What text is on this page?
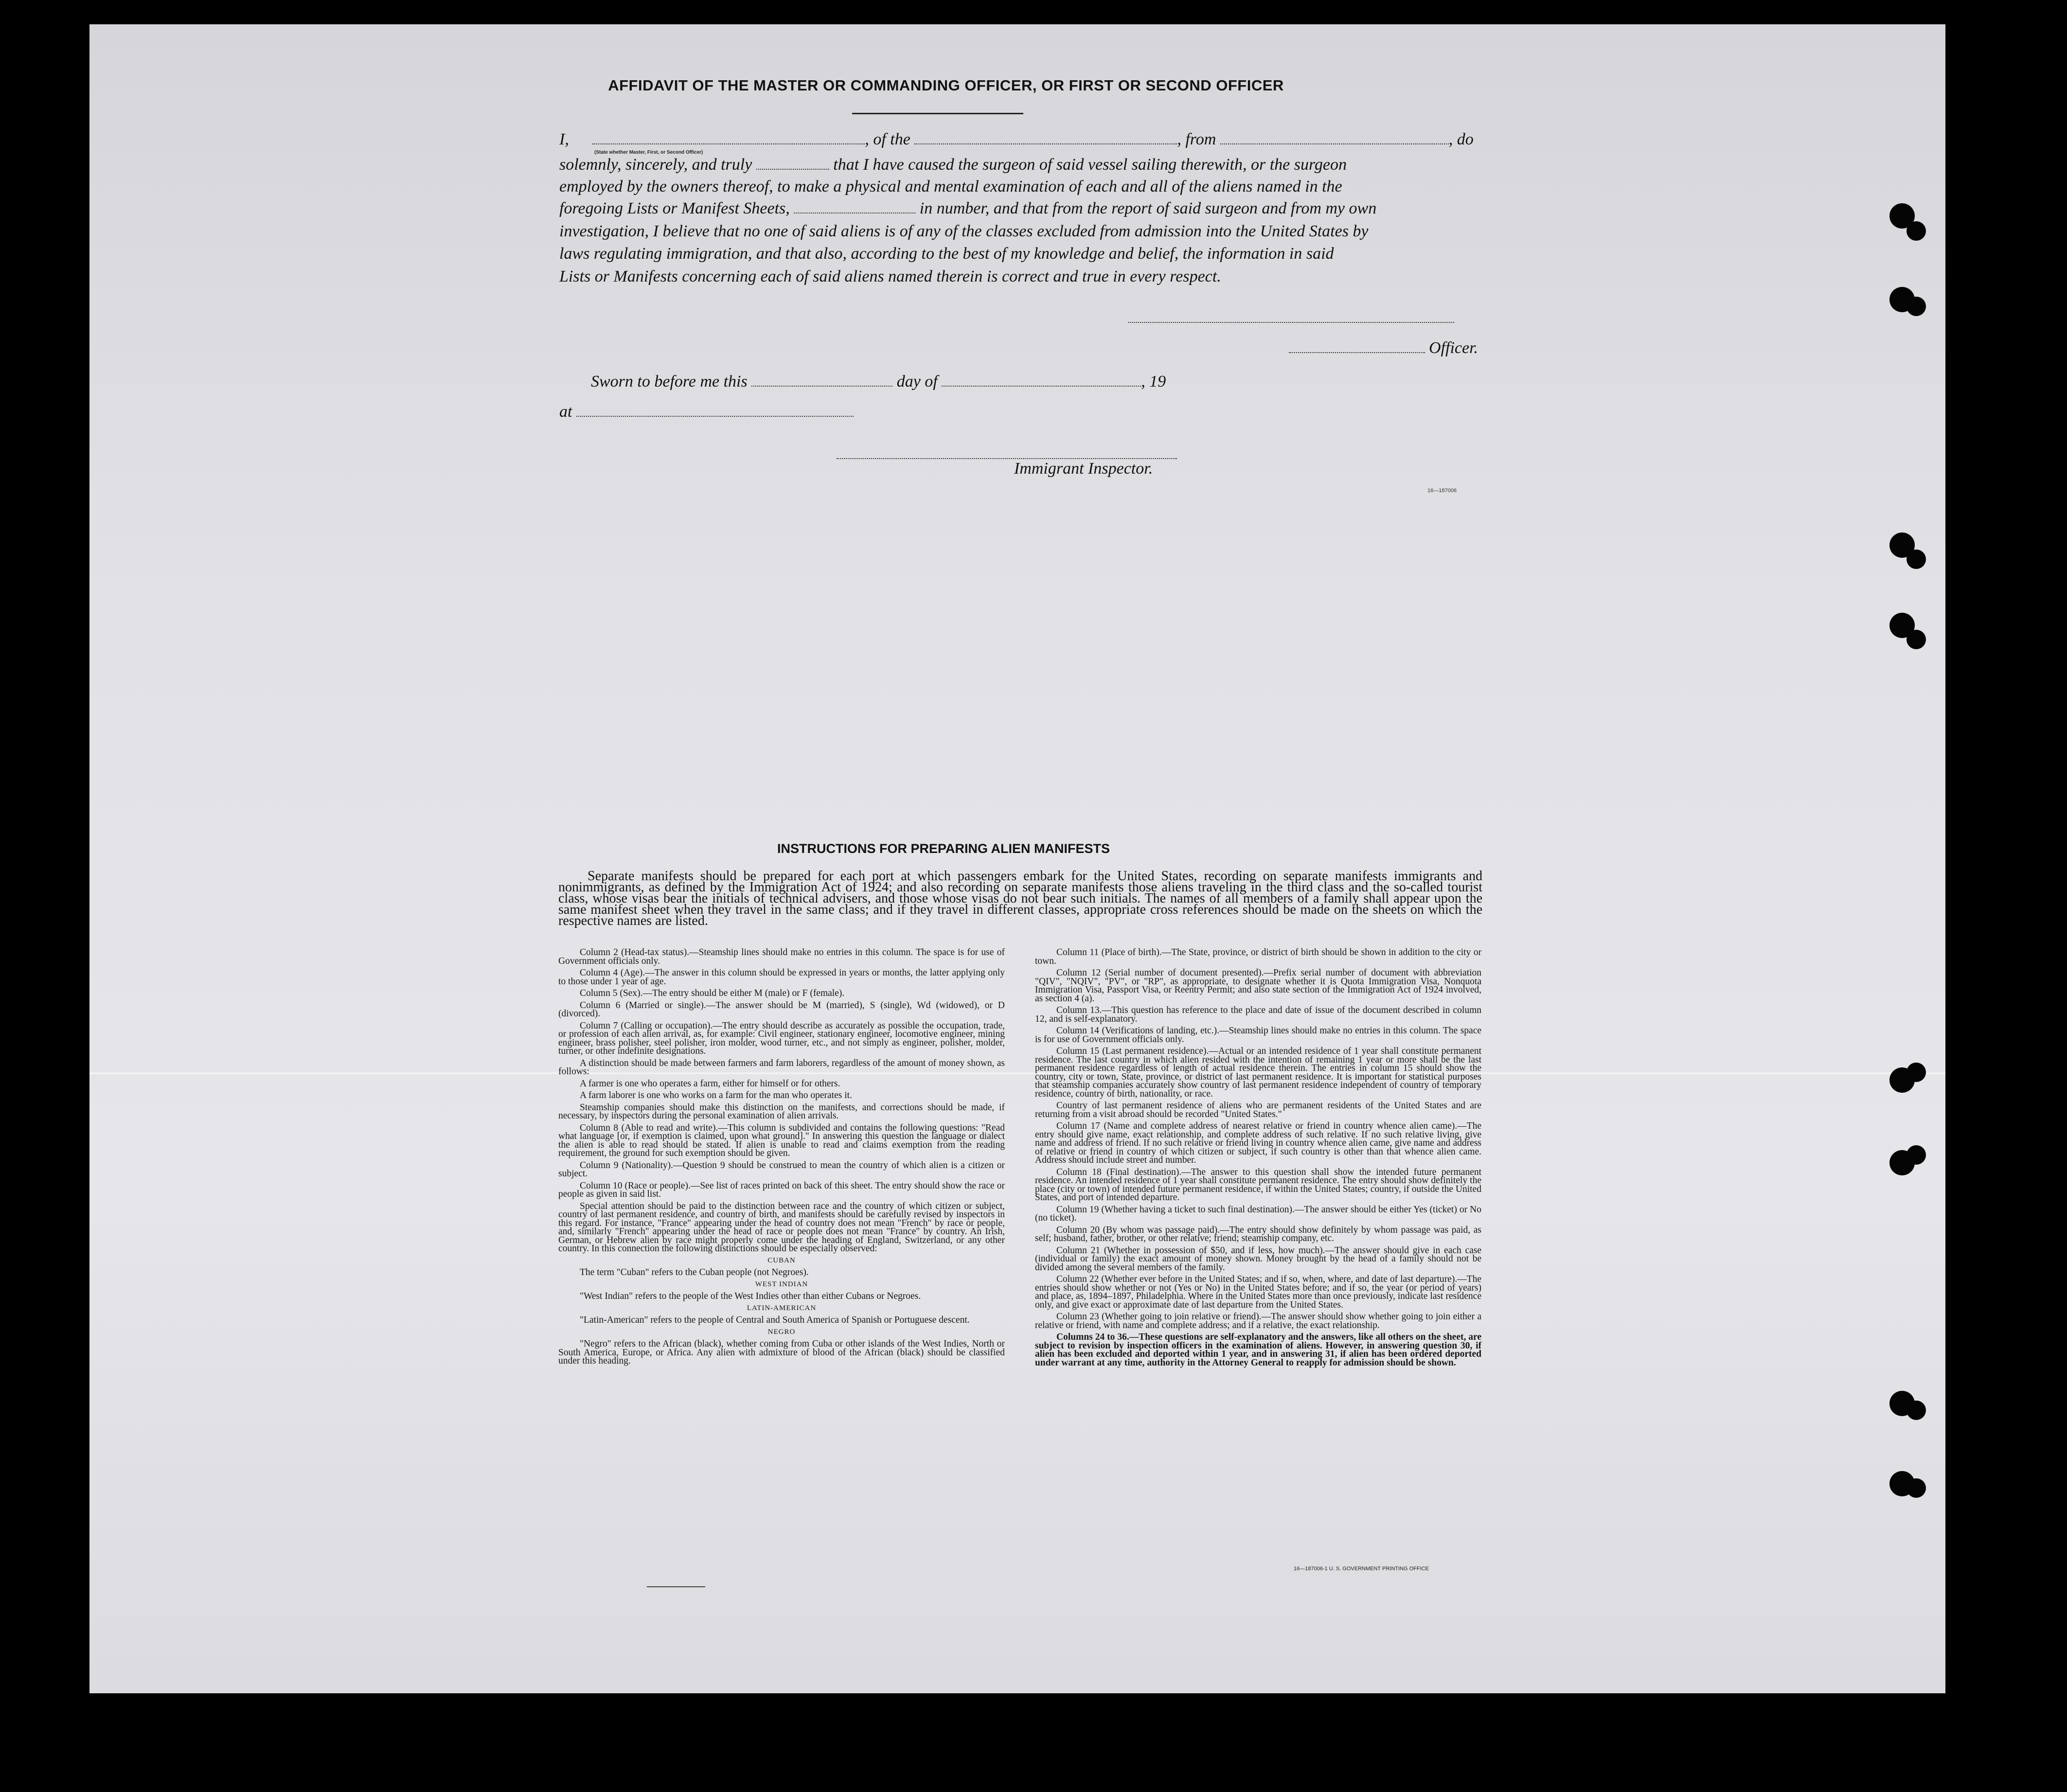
AFFIDAVIT OF THE MASTER OR COMMANDING OFFICER, OR FIRST OR SECOND OFFICER
I,	, of the	, from	, do
(State whether Master, First, or Second Officer)
solemnly, sincerely, and truly	that I have caused the surgeon of said vessel sailing therewith, or the surgeon
employed by the owners thereof, to make a physical and mental examination of each and all of the aliens named in the
foregoing Lists or Manifest Sheets,	in number, and that from the report of said surgeon and from my own
investigation, I believe that no one of said aliens is of any of the classes excluded from admission into the United States by
laws regulating immigration, and that also, according to the best of my knowledge and belief, the information in said
Lists or Manifests concerning each of said aliens named therein is correct and true in every respect.
Officer.
Sworn to before me this	day of	, 19
at
Immigrant Inspector.
16—187006
INSTRUCTIONS FOR PREPARING ALIEN MANIFESTS
Separate manifests should be prepared for each port at which passengers embark for the United States, recording on separate manifests immigrants and nonimmigrants, as defined by the Immigration Act of 1924; and also recording on separate manifests those aliens traveling in the third class and the so-called tourist class, whose visas bear the initials of technical advisers, and those whose visas do not bear such initials. The names of all members of a family shall appear upon the same manifest sheet when they travel in the same class; and if they travel in different classes, appropriate cross references should be made on the sheets on which the respective names are listed.

Column 2 (Head-tax status).—Steamship lines should make no entries in this column. The space is for use of Government officials only.

Column 4 (Age).—The answer in this column should be expressed in years or months, the latter applying only to those under 1 year of age.

Column 5 (Sex).—The entry should be either M (male) or F (female).

Column 6 (Married or single).—The answer should be M (married), S (single), Wd (widowed), or D (divorced).

Column 7 (Calling or occupation).—The entry should describe as accurately as possible the occupation, trade, or profession of each alien arrival, as, for example: Civil engineer, stationary engineer, locomotive engineer, mining engineer, brass polisher, steel polisher, iron molder, wood turner, etc., and not simply as engineer, polisher, molder, turner, or other indefinite designations.

A distinction should be made between farmers and farm laborers, regardless of the amount of money shown, as follows:

A farmer is one who operates a farm, either for himself or for others.

A farm laborer is one who works on a farm for the man who operates it.

Steamship companies should make this distinction on the manifests, and corrections should be made, if necessary, by inspectors during the personal examination of alien arrivals.

Column 8 (Able to read and write).—This column is subdivided and contains the following questions: "Read what language [or, if exemption is claimed, upon what ground]." In answering this question the language or dialect the alien is able to read should be stated. If alien is unable to read and claims exemption from the reading requirement, the ground for such exemption should be given.

Column 9 (Nationality).—Question 9 should be construed to mean the country of which alien is a citizen or subject.

Column 10 (Race or people).—See list of races printed on back of this sheet. The entry should show the race or people as given in said list.

Special attention should be paid to the distinction between race and the country of which citizen or subject, country of last permanent residence, and country of birth, and manifests should be carefully revised by inspectors in this regard. For instance, "France" appearing under the head of country does not mean "French" by race or people, and, similarly "French" appearing under the head of race or people does not mean "France" by country. An Irish, German, or Hebrew alien by race might properly come under the heading of England, Switzerland, or any other country. In this connection the following distinctions should be especially observed:

CUBAN

The term "Cuban" refers to the Cuban people (not Negroes).

WEST INDIAN

"West Indian" refers to the people of the West Indies other than either Cubans or Negroes.

LATIN-AMERICAN

"Latin-American" refers to the people of Central and South America of Spanish or Portuguese descent.

NEGRO

"Negro" refers to the African (black), whether coming from Cuba or other islands of the West Indies, North or South America, Europe, or Africa. Any alien with admixture of blood of the African (black) should be classified under this heading.

Column 11 (Place of birth).—The State, province, or district of birth should be shown in addition to the city or town.

Column 12 (Serial number of document presented).—Prefix serial number of document with abbreviation "QIV", "NQIV", "PV", or "RP", as appropriate, to designate whether it is Quota Immigration Visa, Nonquota Immigration Visa, Passport Visa, or Reentry Permit; and also state section of the Immigration Act of 1924 involved, as section 4 (a).

Column 13.—This question has reference to the place and date of issue of the document described in column 12, and is self-explanatory.

Column 14 (Verifications of landing, etc.).—Steamship lines should make no entries in this column. The space is for use of Government officials only.

Column 15 (Last permanent residence).—Actual or an intended residence of 1 year shall constitute permanent residence. The last country in which alien resided with the intention of remaining 1 year or more shall be the last permanent residence regardless of length of actual residence therein. The entries in column 15 should show the country, city or town, State, province, or district of last permanent residence. It is important for statistical purposes that steamship companies accurately show country of last permanent residence independent of country of temporary residence, country of birth, nationality, or race.

Country of last permanent residence of aliens who are permanent residents of the United States and are returning from a visit abroad should be recorded "United States."

Column 17 (Name and complete address of nearest relative or friend in country whence alien came).—The entry should give name, exact relationship, and complete address of such relative. If no such relative living, give name and address of friend. If no such relative or friend living in country whence alien came, give name and address of relative or friend in country of which citizen or subject, if such country is other than that whence alien came. Address should include street and number.

Column 18 (Final destination).—The answer to this question shall show the intended future permanent residence. An intended residence of 1 year shall constitute permanent residence. The entry should show definitely the place (city or town) of intended future permanent residence, if within the United States; country, if outside the United States, and port of intended departure.

Column 19 (Whether having a ticket to such final destination).—The answer should be either Yes (ticket) or No (no ticket).

Column 20 (By whom was passage paid).—The entry should show definitely by whom passage was paid, as self; husband, father, brother, or other relative; friend; steamship company, etc.

Column 21 (Whether in possession of $50, and if less, how much).—The answer should give in each case (individual or family) the exact amount of money shown. Money brought by the head of a family should not be divided among the several members of the family.

Column 22 (Whether ever before in the United States; and if so, when, where, and date of last departure).—The entries should show whether or not (Yes or No) in the United States before; and if so, the year (or period of years) and place, as, 1894–1897, Philadelphia. Where in the United States more than once previously, indicate last residence only, and give exact or approximate date of last departure from the United States.

Column 23 (Whether going to join relative or friend).—The answer should show whether going to join either a relative or friend, with name and complete address; and if a relative, the exact relationship.

Columns 24 to 36.—These questions are self-explanatory and the answers, like all others on the sheet, are subject to revision by inspection officers in the examination of aliens. However, in answering question 30, if alien has been excluded and deported within 1 year, and in answering 31, if alien has been ordered deported under warrant at any time, authority in the Attorney General to reapply for admission should be shown.

16—187006-1 U. S. GOVERNMENT PRINTING OFFICE
